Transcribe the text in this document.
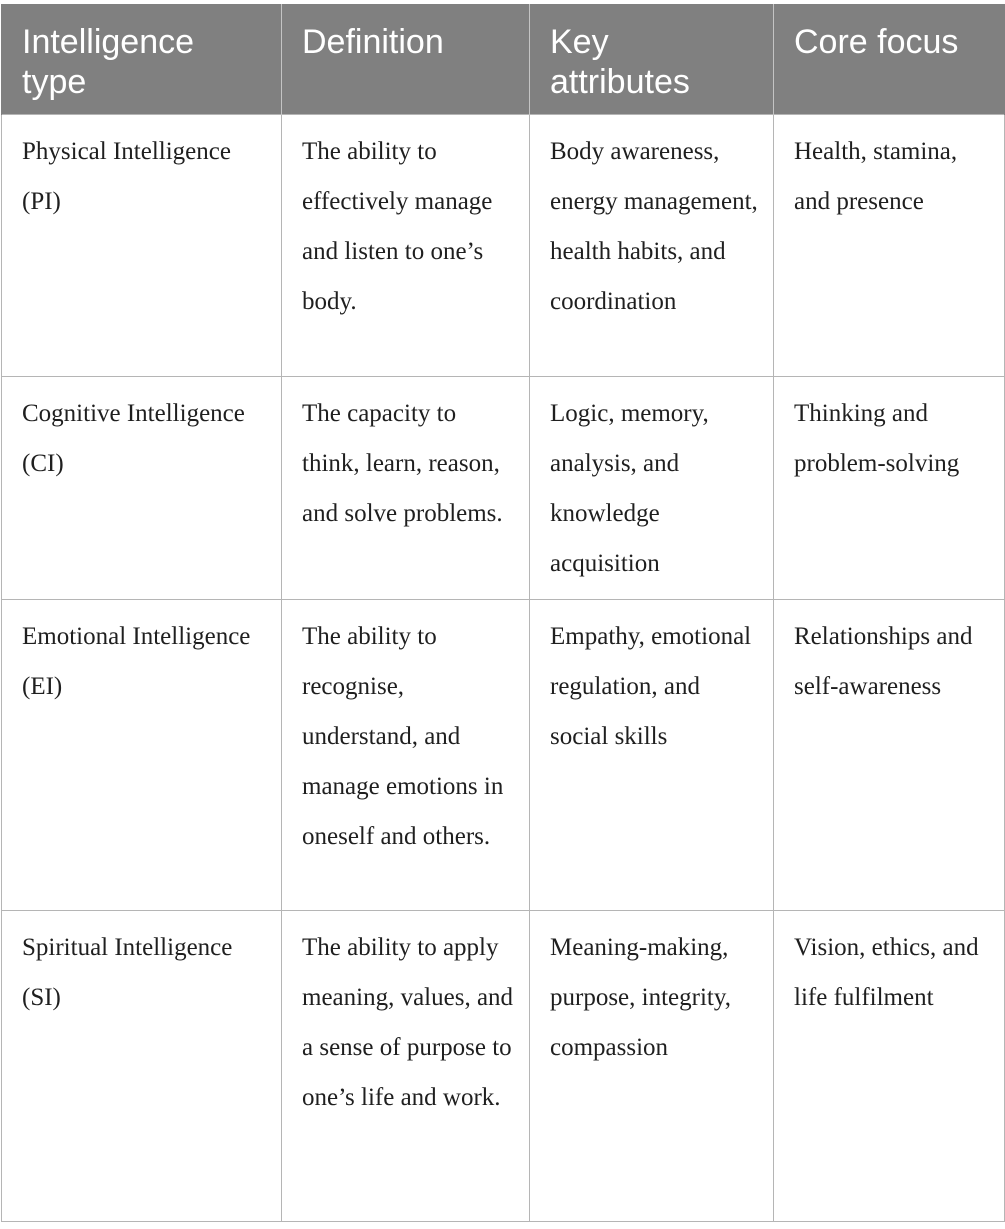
Intelligence type	Definition	Key attributes	Core focus

Physical Intelligence (PI)	The ability to effectively manage and listen to one’s body.	Body awareness, energy management, health habits, and coordination	Health, stamina, and presence

Cognitive Intelligence (CI)	The capacity to think, learn, reason, and solve problems.	Logic, memory, analysis, and knowledge acquisition	Thinking and problem-solving

Emotional Intelligence (EI)	The ability to recognise, understand, and manage emotions in oneself and others.	Empathy, emotional regulation, and social skills	Relationships and self-awareness

Spiritual Intelligence (SI)	The ability to apply meaning, values, and a sense of purpose to one’s life and work.	Meaning-making, purpose, integrity, compassion	Vision, ethics, and life fulfilment
